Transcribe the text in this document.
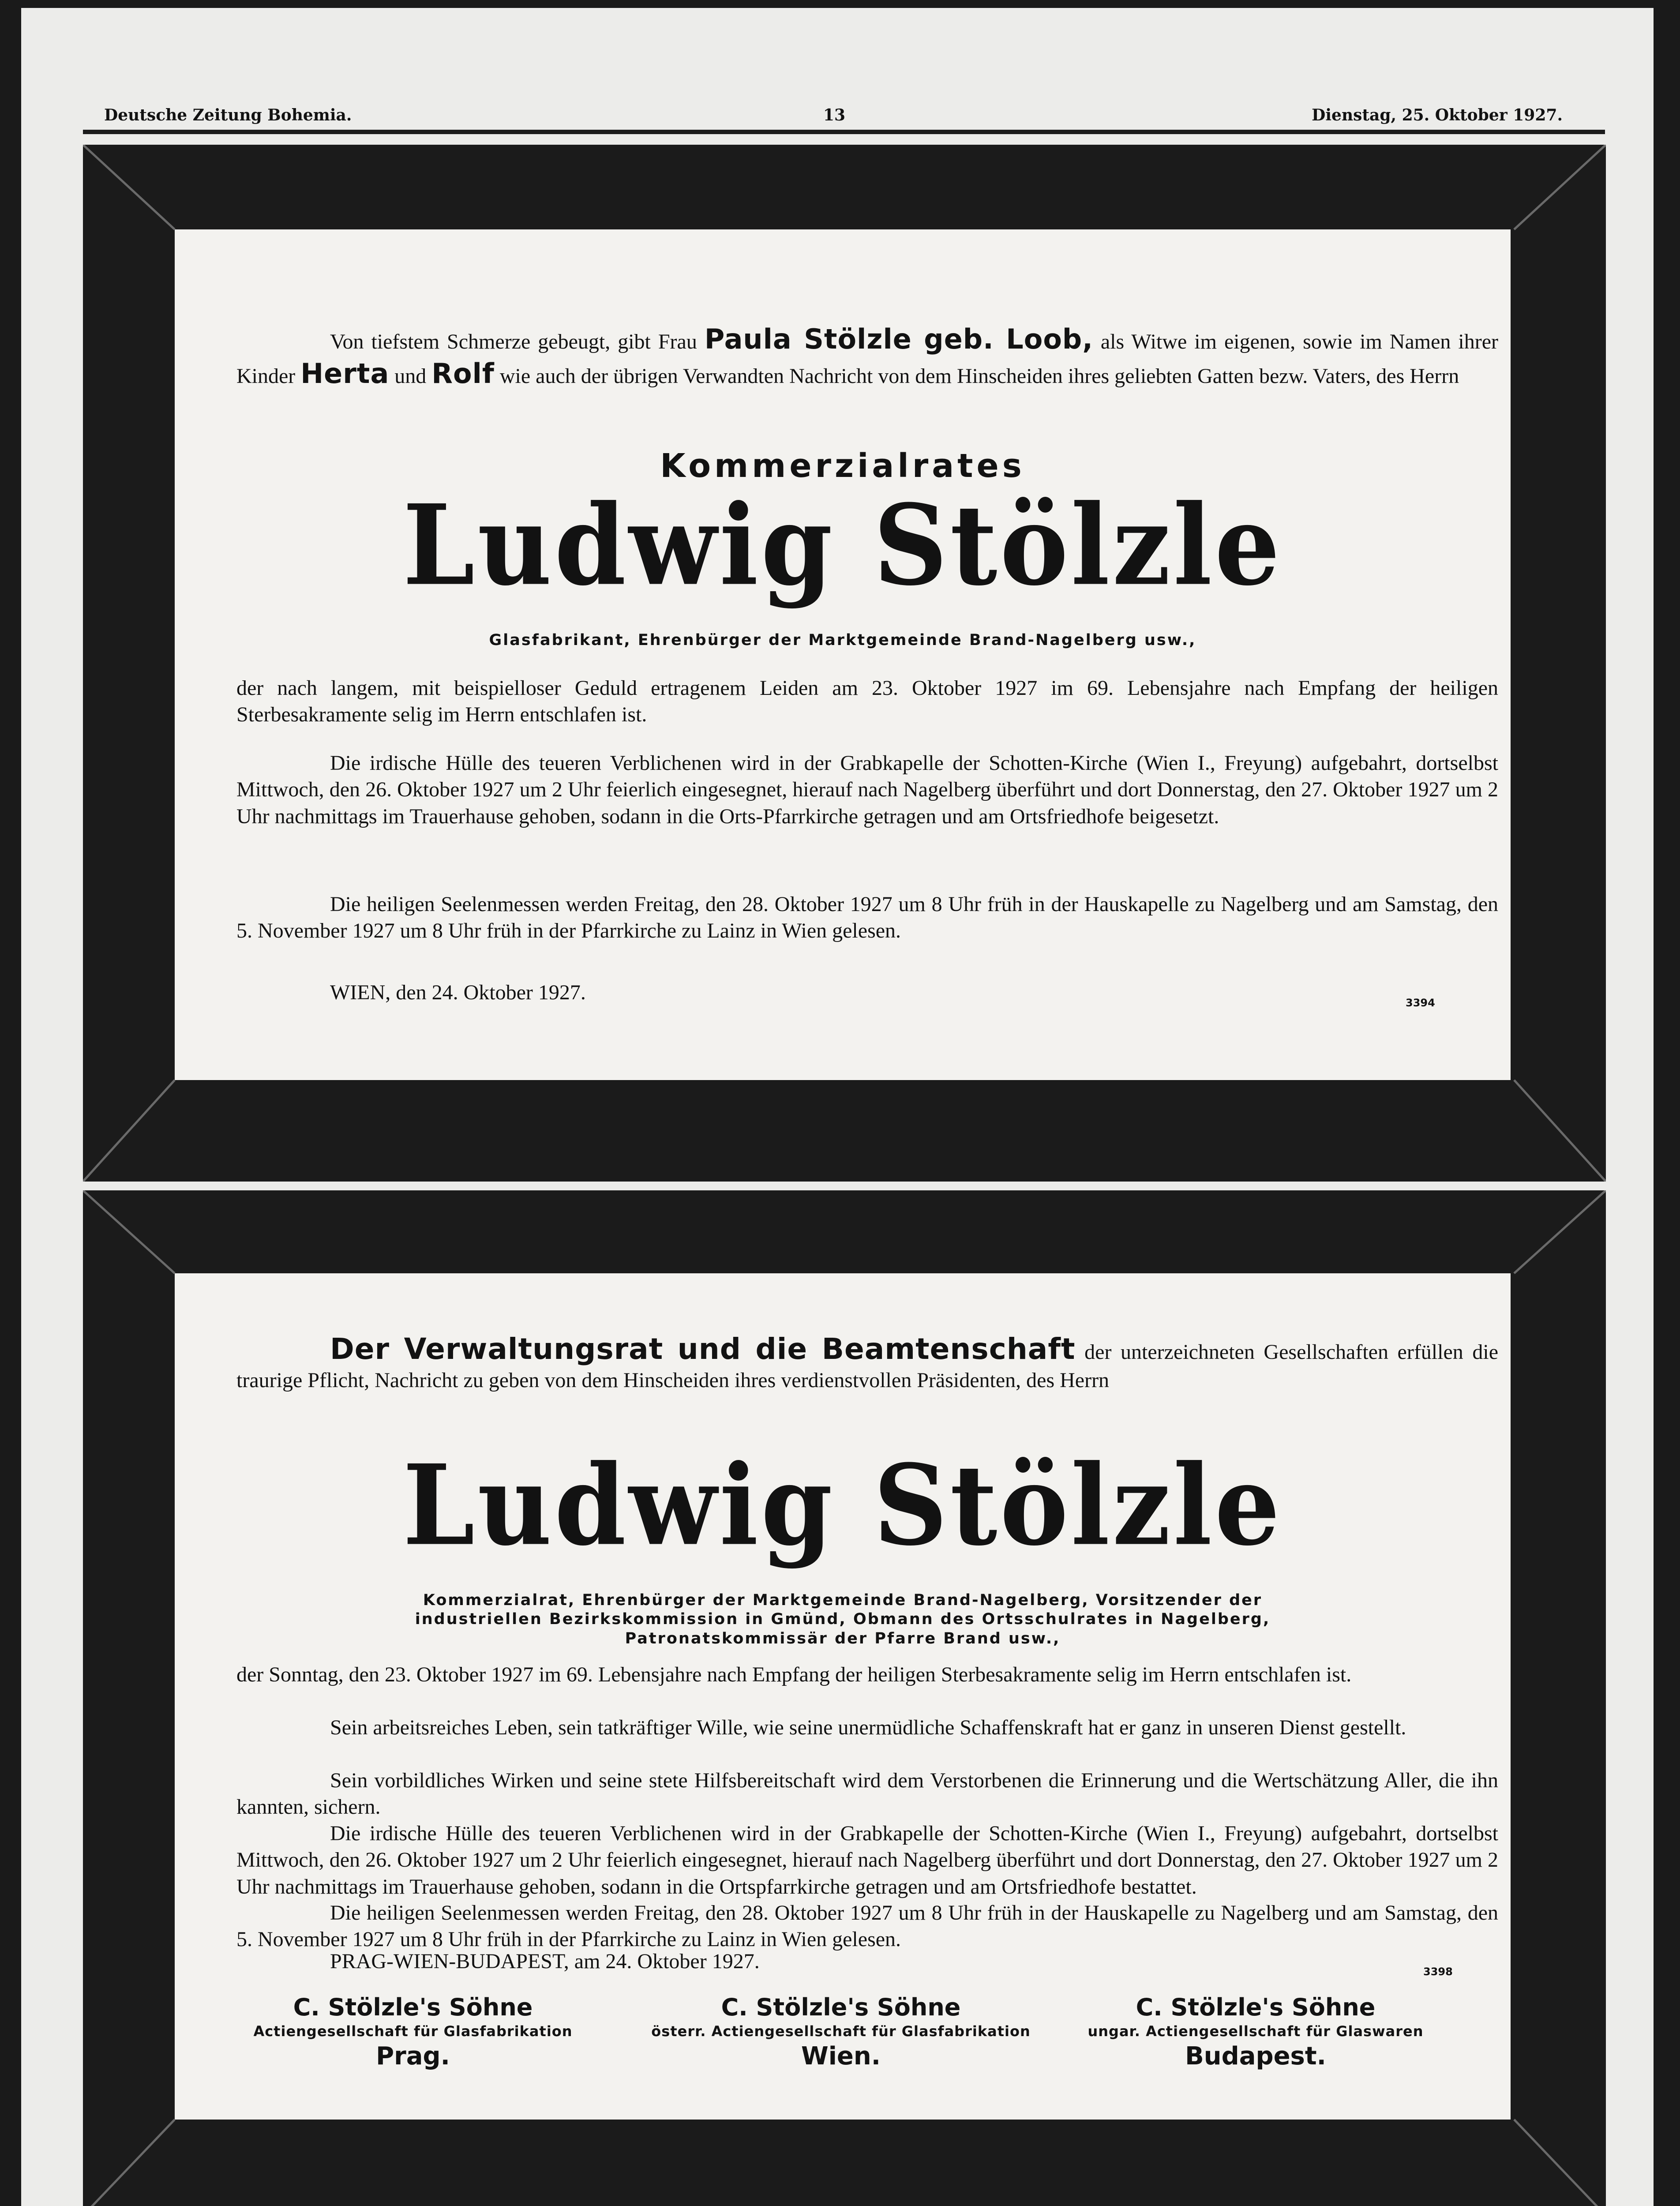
Deutsche Zeitung Bohemia.	13	Dienstag, 25. Oktober 1927.
Von tiefstem Schmerze gebeugt, gibt Frau Paula Stölzle geb. Loob, als Witwe im eigenen, sowie im Namen ihrer Kinder Herta und Rolf wie auch der übrigen Verwandten Nachricht von dem Hinscheiden ihres geliebten Gatten bezw. Vaters, des Herrn
Kommerzialrates
Ludwig Stölzle
Glasfabrikant, Ehrenbürger der Marktgemeinde Brand-Nagelberg usw.,
der nach langem, mit beispielloser Geduld ertragenem Leiden am 23. Oktober 1927 im 69. Lebensjahre nach Empfang der heiligen Sterbesakramente selig im Herrn entschlafen ist.
Die irdische Hülle des teueren Verblichenen wird in der Grabkapelle der Schotten-Kirche (Wien I., Freyung) aufgebahrt, dortselbst Mittwoch, den 26. Oktober 1927 um 2 Uhr feierlich eingesegnet, hierauf nach Nagelberg überführt und dort Donnerstag, den 27. Oktober 1927 um 2 Uhr nachmittags im Trauerhause gehoben, sodann in die Orts-Pfarrkirche getragen und am Ortsfriedhofe beigesetzt.
Die heiligen Seelenmessen werden Freitag, den 28. Oktober 1927 um 8 Uhr früh in der Hauskapelle zu Nagelberg und am Samstag, den 5. November 1927 um 8 Uhr früh in der Pfarrkirche zu Lainz in Wien gelesen.
WIEN, den 24. Oktober 1927.	3394
Der Verwaltungsrat und die Beamtenschaft der unterzeichneten Gesellschaften erfüllen die traurige Pflicht, Nachricht zu geben von dem Hinscheiden ihres verdienstvollen Präsidenten, des Herrn
Ludwig Stölzle
Kommerzialrat, Ehrenbürger der Marktgemeinde Brand-Nagelberg, Vorsitzender der
industriellen Bezirkskommission in Gmünd, Obmann des Ortsschulrates in Nagelberg,
Patronatskommissär der Pfarre Brand usw.,
der Sonntag, den 23. Oktober 1927 im 69. Lebensjahre nach Empfang der heiligen Sterbesakramente selig im Herrn entschlafen ist.
Sein arbeitsreiches Leben, sein tatkräftiger Wille, wie seine unermüdliche Schaffenskraft hat er ganz in unseren Dienst gestellt.
Sein vorbildliches Wirken und seine stete Hilfsbereitschaft wird dem Verstorbenen die Erinnerung und die Wertschätzung Aller, die ihn kannten, sichern.
Die irdische Hülle des teueren Verblichenen wird in der Grabkapelle der Schotten-Kirche (Wien I., Freyung) aufgebahrt, dortselbst Mittwoch, den 26. Oktober 1927 um 2 Uhr feierlich eingesegnet, hierauf nach Nagelberg überführt und dort Donnerstag, den 27. Oktober 1927 um 2 Uhr nachmittags im Trauerhause gehoben, sodann in die Ortspfarrkirche getragen und am Ortsfriedhofe bestattet.
Die heiligen Seelenmessen werden Freitag, den 28. Oktober 1927 um 8 Uhr früh in der Hauskapelle zu Nagelberg und am Samstag, den 5. November 1927 um 8 Uhr früh in der Pfarrkirche zu Lainz in Wien gelesen.
PRAG-WIEN-BUDAPEST, am 24. Oktober 1927.	3398
C. Stölzle's Söhne
Actiengesellschaft für Glasfabrikation
Prag.
C. Stölzle's Söhne
österr. Actiengesellschaft für Glasfabrikation
Wien.
C. Stölzle's Söhne
ungar. Actiengesellschaft für Glaswaren
Budapest.
